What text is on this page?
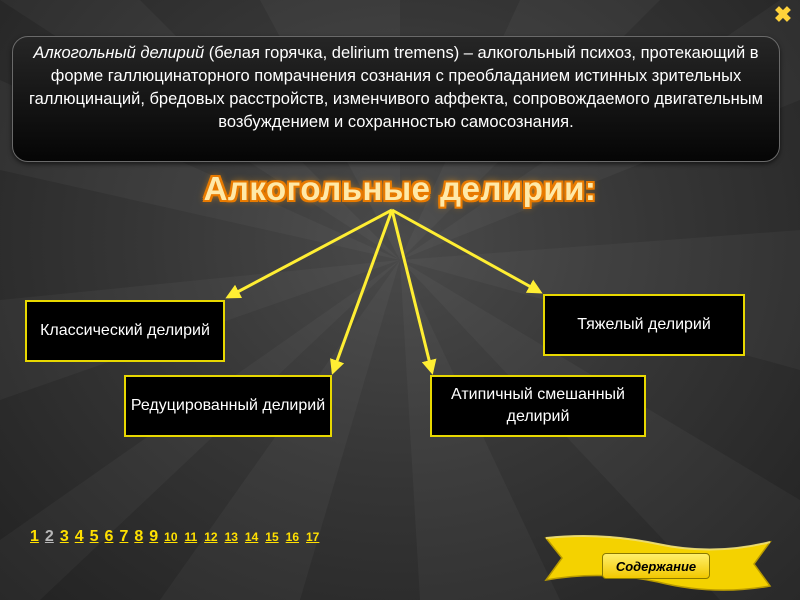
✖
Алкогольный делирий (белая горячка, delirium tremens) – алкогольный психоз, протекающий в форме галлюцинаторного помрачнения сознания с преобладанием истинных зрительных галлюцинаций, бредовых расстройств, изменчивого аффекта, сопровождаемого двигательным возбуждением и сохранностью самосознания.
Алкогольные делирии:
Классический делирий	Тяжелый делирий
Редуцированный делирий
Атипичный смешанный делирий
1 2 3 4 5 6 7 8 9 10 11 12 13 14 15 16 17
Содержание
